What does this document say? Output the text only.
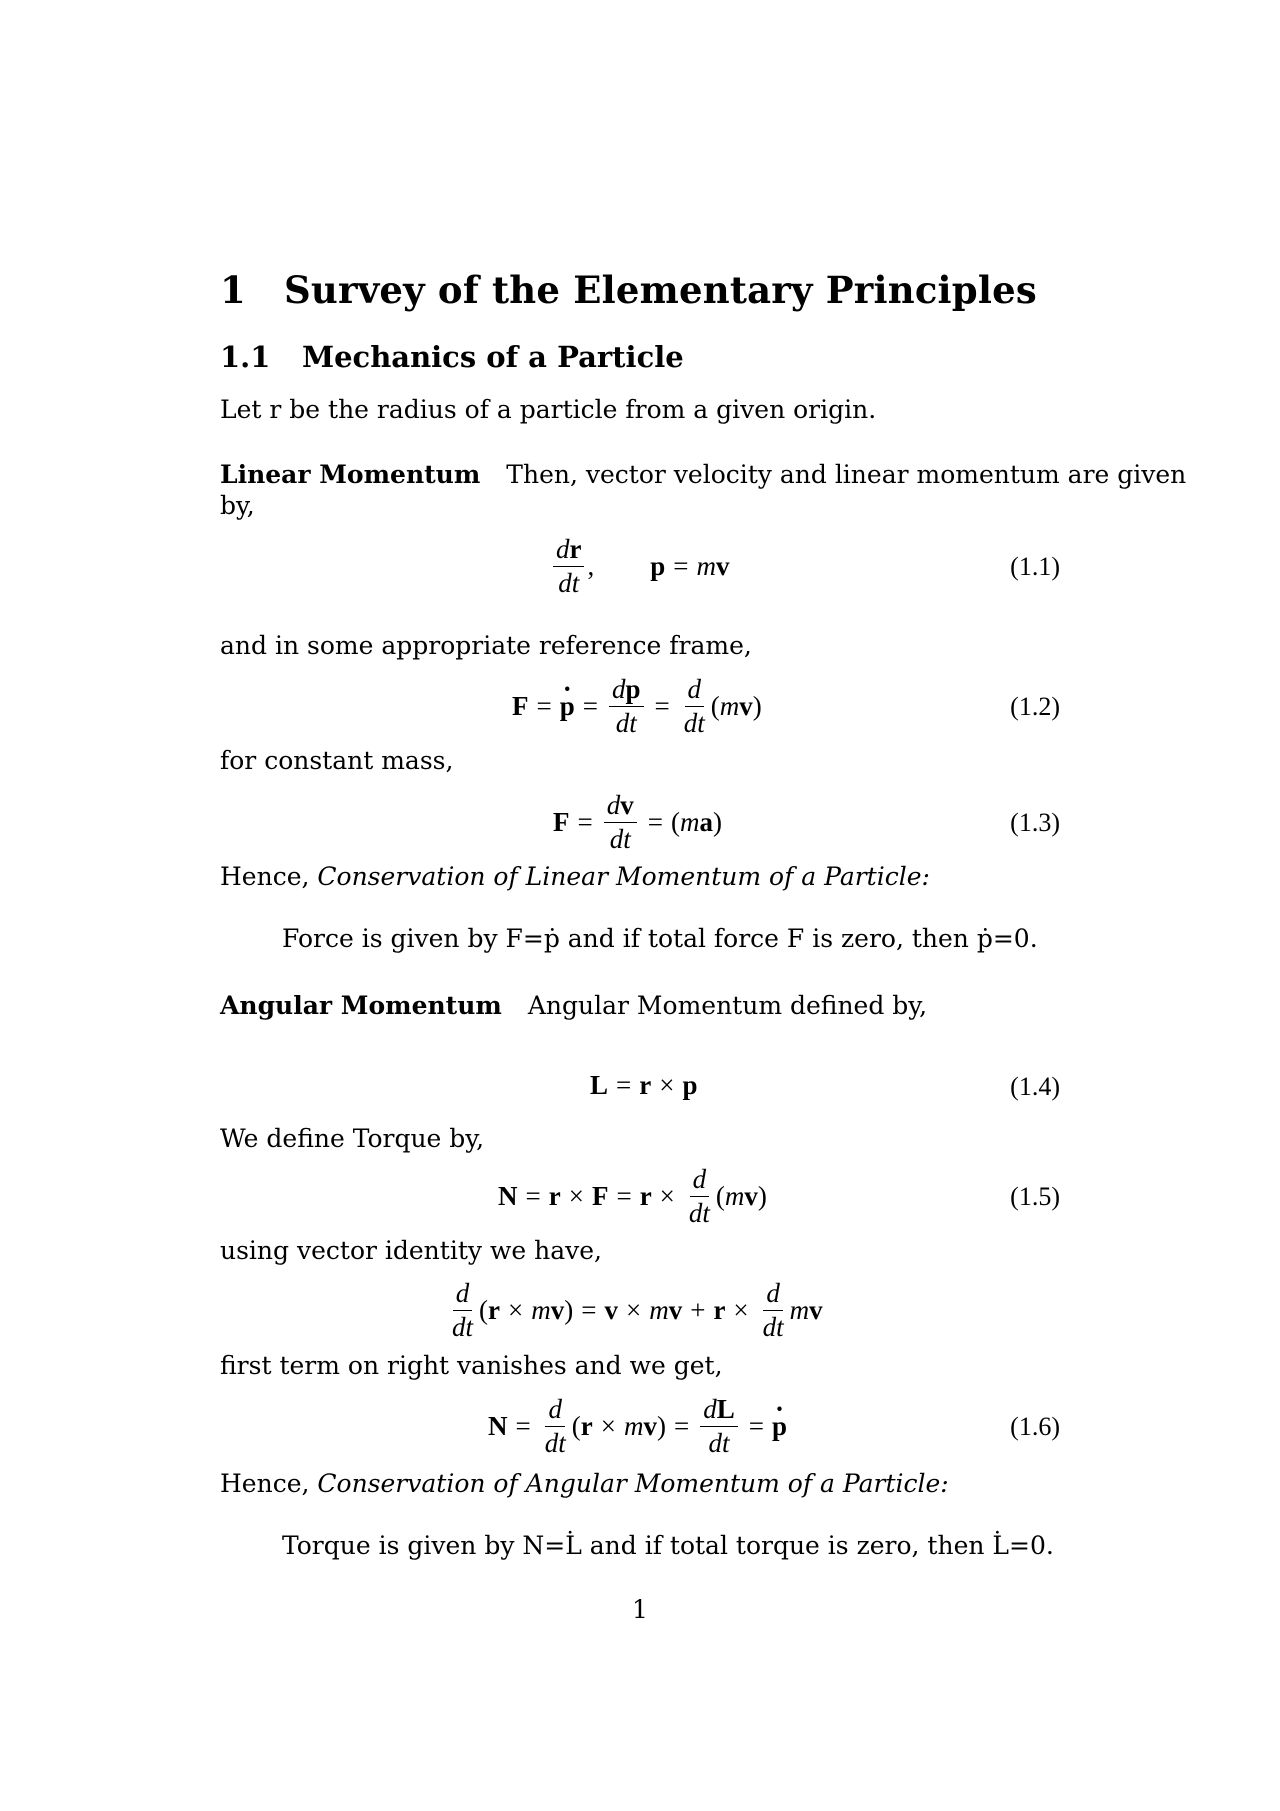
1 Survey of the Elementary Principles
1.1 Mechanics of a Particle

Let r be the radius of a particle from a given origin.

Linear Momentum Then, vector velocity and linear momentum are given

by,

$\frac{dr}{dt}$ , p = mv	(1.1)

and in some appropriate reference frame,

F = · $p = \frac{dp}{dt} = \frac{d}{dt}$ ( m v )	(1.2)

for constant mass,

$F = \frac{dv}{dt}$ = ( m a )	(1.3)

Hence, Conservation of Linear Momentum of a Particle:

Force is given by F=ṗ and if total force F is zero, then ṗ=0.

Angular Momentum Angular Momentum defined by,

L = r × p	(1.4)

We define Torque by,

$N = r \times F = r \times \frac{d}{dt}$ ( m v )	(1.5)

using vector identity we have,

$\frac{d}{dt}$ ( r × m v ) = v × m $v + r \times \frac{d}{dt}$ m v

first term on right vanishes and we get,

$N = \frac{d}{dt}$ ( r × m v ) = $\frac{dL}{dt}$ = · p	(1.6)

Hence, Conservation of Angular Momentum of a Particle:

Torque is given by N=L̇ and if total torque is zero, then L̇=0.

1
